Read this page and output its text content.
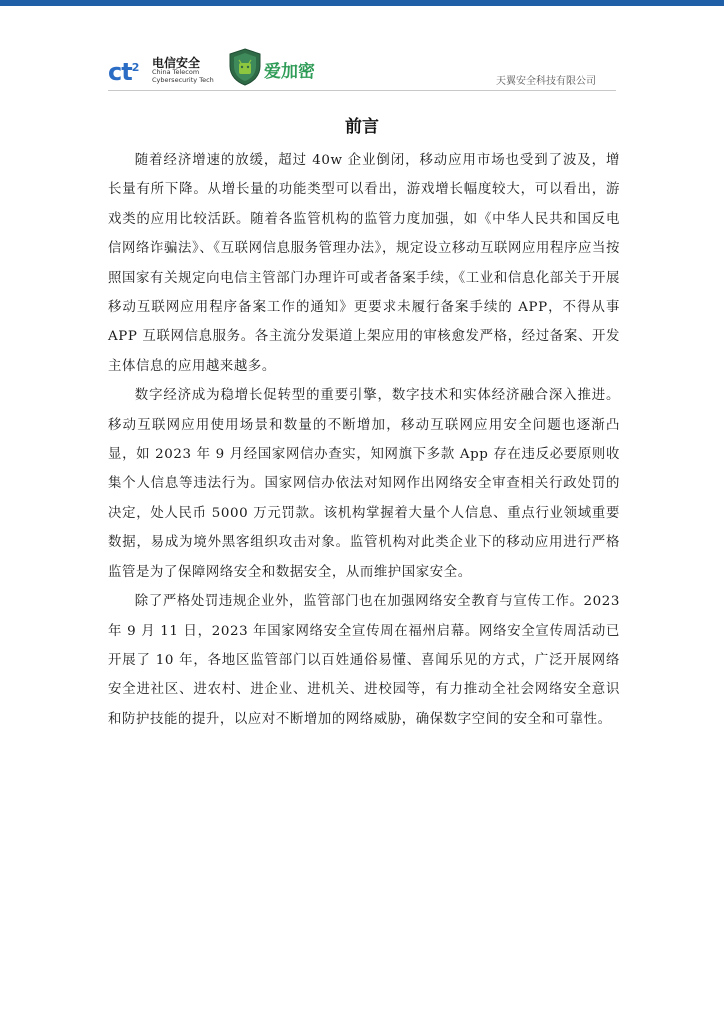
$ct^2$ 电信安全
China Telecom
Cybersecurity Tech	爱加密	天翼安全科技有限公司
前言

随着经济增速的放缓，超过 40w 企业倒闭，移动应用市场也受到了波及，增长量有所下降。从增长量的功能类型可以看出，游戏增长幅度较大，可以看出，游戏类的应用比较活跃。随着各监管机构的监管力度加强，如《中华人民共和国反电信网络诈骗法》、《互联网信息服务管理办法》，规定设立移动互联网应用程序应当按照国家有关规定向电信主管部门办理许可或者备案手续，《工业和信息化部关于开展移动互联网应用程序备案工作的通知》更要求未履行备案手续的 APP，不得从事 APP 互联网信息服务。各主流分发渠道上架应用的审核愈发严格，经过备案、开发主体信息的应用越来越多。

数字经济成为稳增长促转型的重要引擎，数字技术和实体经济融合深入推进。移动互联网应用使用场景和数量的不断增加，移动互联网应用安全问题也逐渐凸显，如 2023 年 9 月经国家网信办查实，知网旗下多款 App 存在违反必要原则收集个人信息等违法行为。国家网信办依法对知网作出网络安全审查相关行政处罚的决定，处人民币 5000 万元罚款。该机构掌握着大量个人信息、重点行业领域重要数据，易成为境外黑客组织攻击对象。监管机构对此类企业下的移动应用进行严格监管是为了保障网络安全和数据安全，从而维护国家安全。

除了严格处罚违规企业外，监管部门也在加强网络安全教育与宣传工作。2023 年 9 月 11 日，2023 年国家网络安全宣传周在福州启幕。网络安全宣传周活动已开展了 10 年，各地区监管部门以百姓通俗易懂、喜闻乐见的方式，广泛开展网络安全进社区、进农村、进企业、进机关、进校园等，有力推动全社会网络安全意识和防护技能的提升，以应对不断增加的网络威胁，确保数字空间的安全和可靠性。
